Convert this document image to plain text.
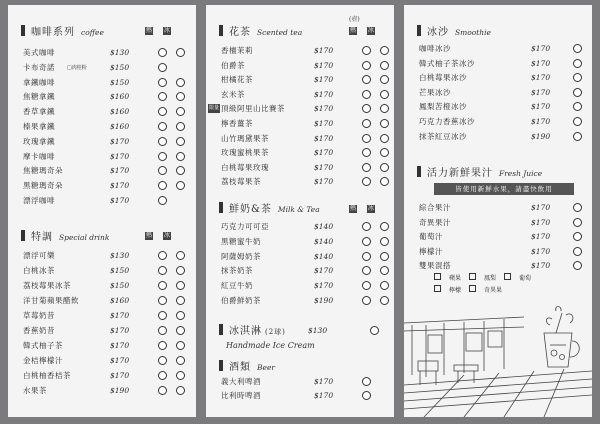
咖啡系列 coffee	熱 冰
美式咖啡	$130
卡布奇諾 □肉桂粉	$150
拿鐵咖啡	$150
焦糖拿鐵	$160
香草拿鐵	$160
榛果拿鐵	$160
玫瑰拿鐵	$170
摩卡咖啡	$170
焦糖瑪奇朵	$170
黑糖瑪奇朵	$170
漂浮咖啡	$170
特調 Special drink	熱 冰
漂浮可樂	$130
白桃冰茶	$150
荔枝莓果冰茶	$150
洋甘菊蘋果醋飲	$160
草莓奶昔	$170
香蕉奶昔	$170
韓式柚子茶	$170
金桔檸檬汁	$170
白桃柚香桔茶	$170
水果茶	$190
(壺)
花茶 Scented tea	熱 冰
香檀茉莉	$170
伯爵茶	$170
柑橘花茶	$170
玄米茶	$170
限量 頂級阿里山比賽茶	$170
檸香薑茶	$170
山竹瑪黛果茶	$170
玫瑰蜜桃果茶	$170
白桃莓果玫瑰	$170
荔枝莓果茶	$170
鮮奶&茶 Milk & Tea	熱 冰
巧克力可可亞	$140
黑糖蜜牛奶	$140
阿薩姆奶茶	$140
抹茶奶茶	$170
紅豆牛奶	$170
伯爵鮮奶茶	$190
冰淇淋 (2球)	$130
Handmade Ice Cream
酒類 Beer
義大利啤酒	$170
比利時啤酒	$170
冰沙 Smoothie
咖啡冰沙	$170
韓式柚子茶冰沙	$170
白桃莓果冰沙	$170
芒果冰沙	$170
鳳梨苦橙冰沙	$170
巧克力香蕉冰沙	$170
抹茶紅豆冰沙	$190
活力新鮮果汁 Fresh Juice
皆使用新鮮水果，請盡快飲用
綜合果汁	$170
奇異果汁	$170
葡萄汁	$170
檸檬汁	$170
雙果混搭	$170
蘋果	鳳梨	葡萄
檸檬	奇異果
